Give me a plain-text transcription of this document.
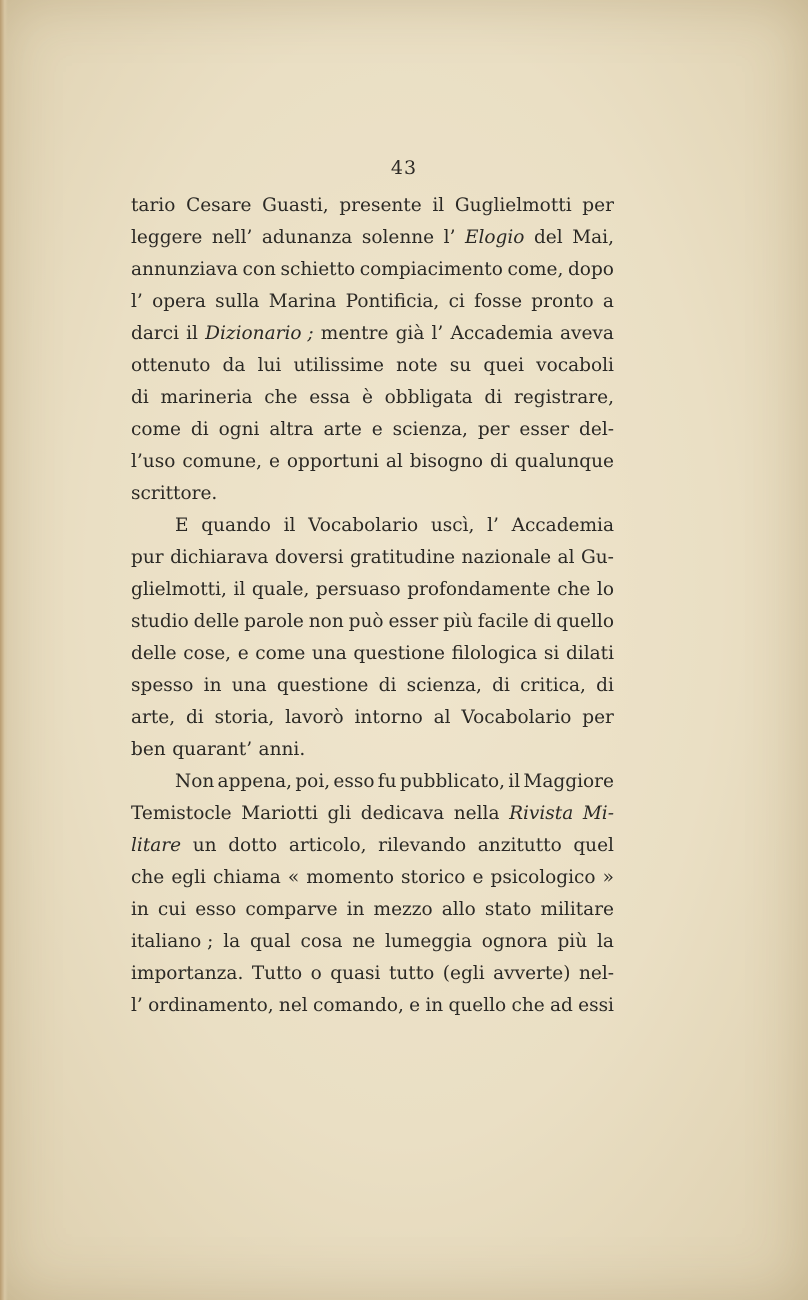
43
tario Cesare Guasti, presente il Guglielmotti per
leggere nell’ adunanza solenne l’ Elogio del Mai,
annunziava con schietto compiacimento come, dopo
l’ opera sulla Marina Pontificia, ci fosse pronto a
darci il Dizionario ; mentre già l’ Accademia aveva
ottenuto da lui utilissime note su quei vocaboli
di marineria che essa è obbligata di registrare,
come di ogni altra arte e scienza, per esser del-
l’uso comune, e opportuni al bisogno di qualunque
scrittore.
E quando il Vocabolario uscì, l’ Accademia
pur dichiarava doversi gratitudine nazionale al Gu-
glielmotti, il quale, persuaso profondamente che lo
studio delle parole non può esser più facile di quello
delle cose, e come una questione filologica si dilati
spesso in una questione di scienza, di critica, di
arte, di storia, lavorò intorno al Vocabolario per
ben quarant’ anni.
Non appena, poi, esso fu pubblicato, il Maggiore
Temistocle Mariotti gli dedicava nella Rivista Mi-
litare un dotto articolo, rilevando anzitutto quel
che egli chiama « momento storico e psicologico »
in cui esso comparve in mezzo allo stato militare
italiano ; la qual cosa ne lumeggia ognora più la
importanza. Tutto o quasi tutto (egli avverte) nel-
l’ ordinamento, nel comando, e in quello che ad essi
